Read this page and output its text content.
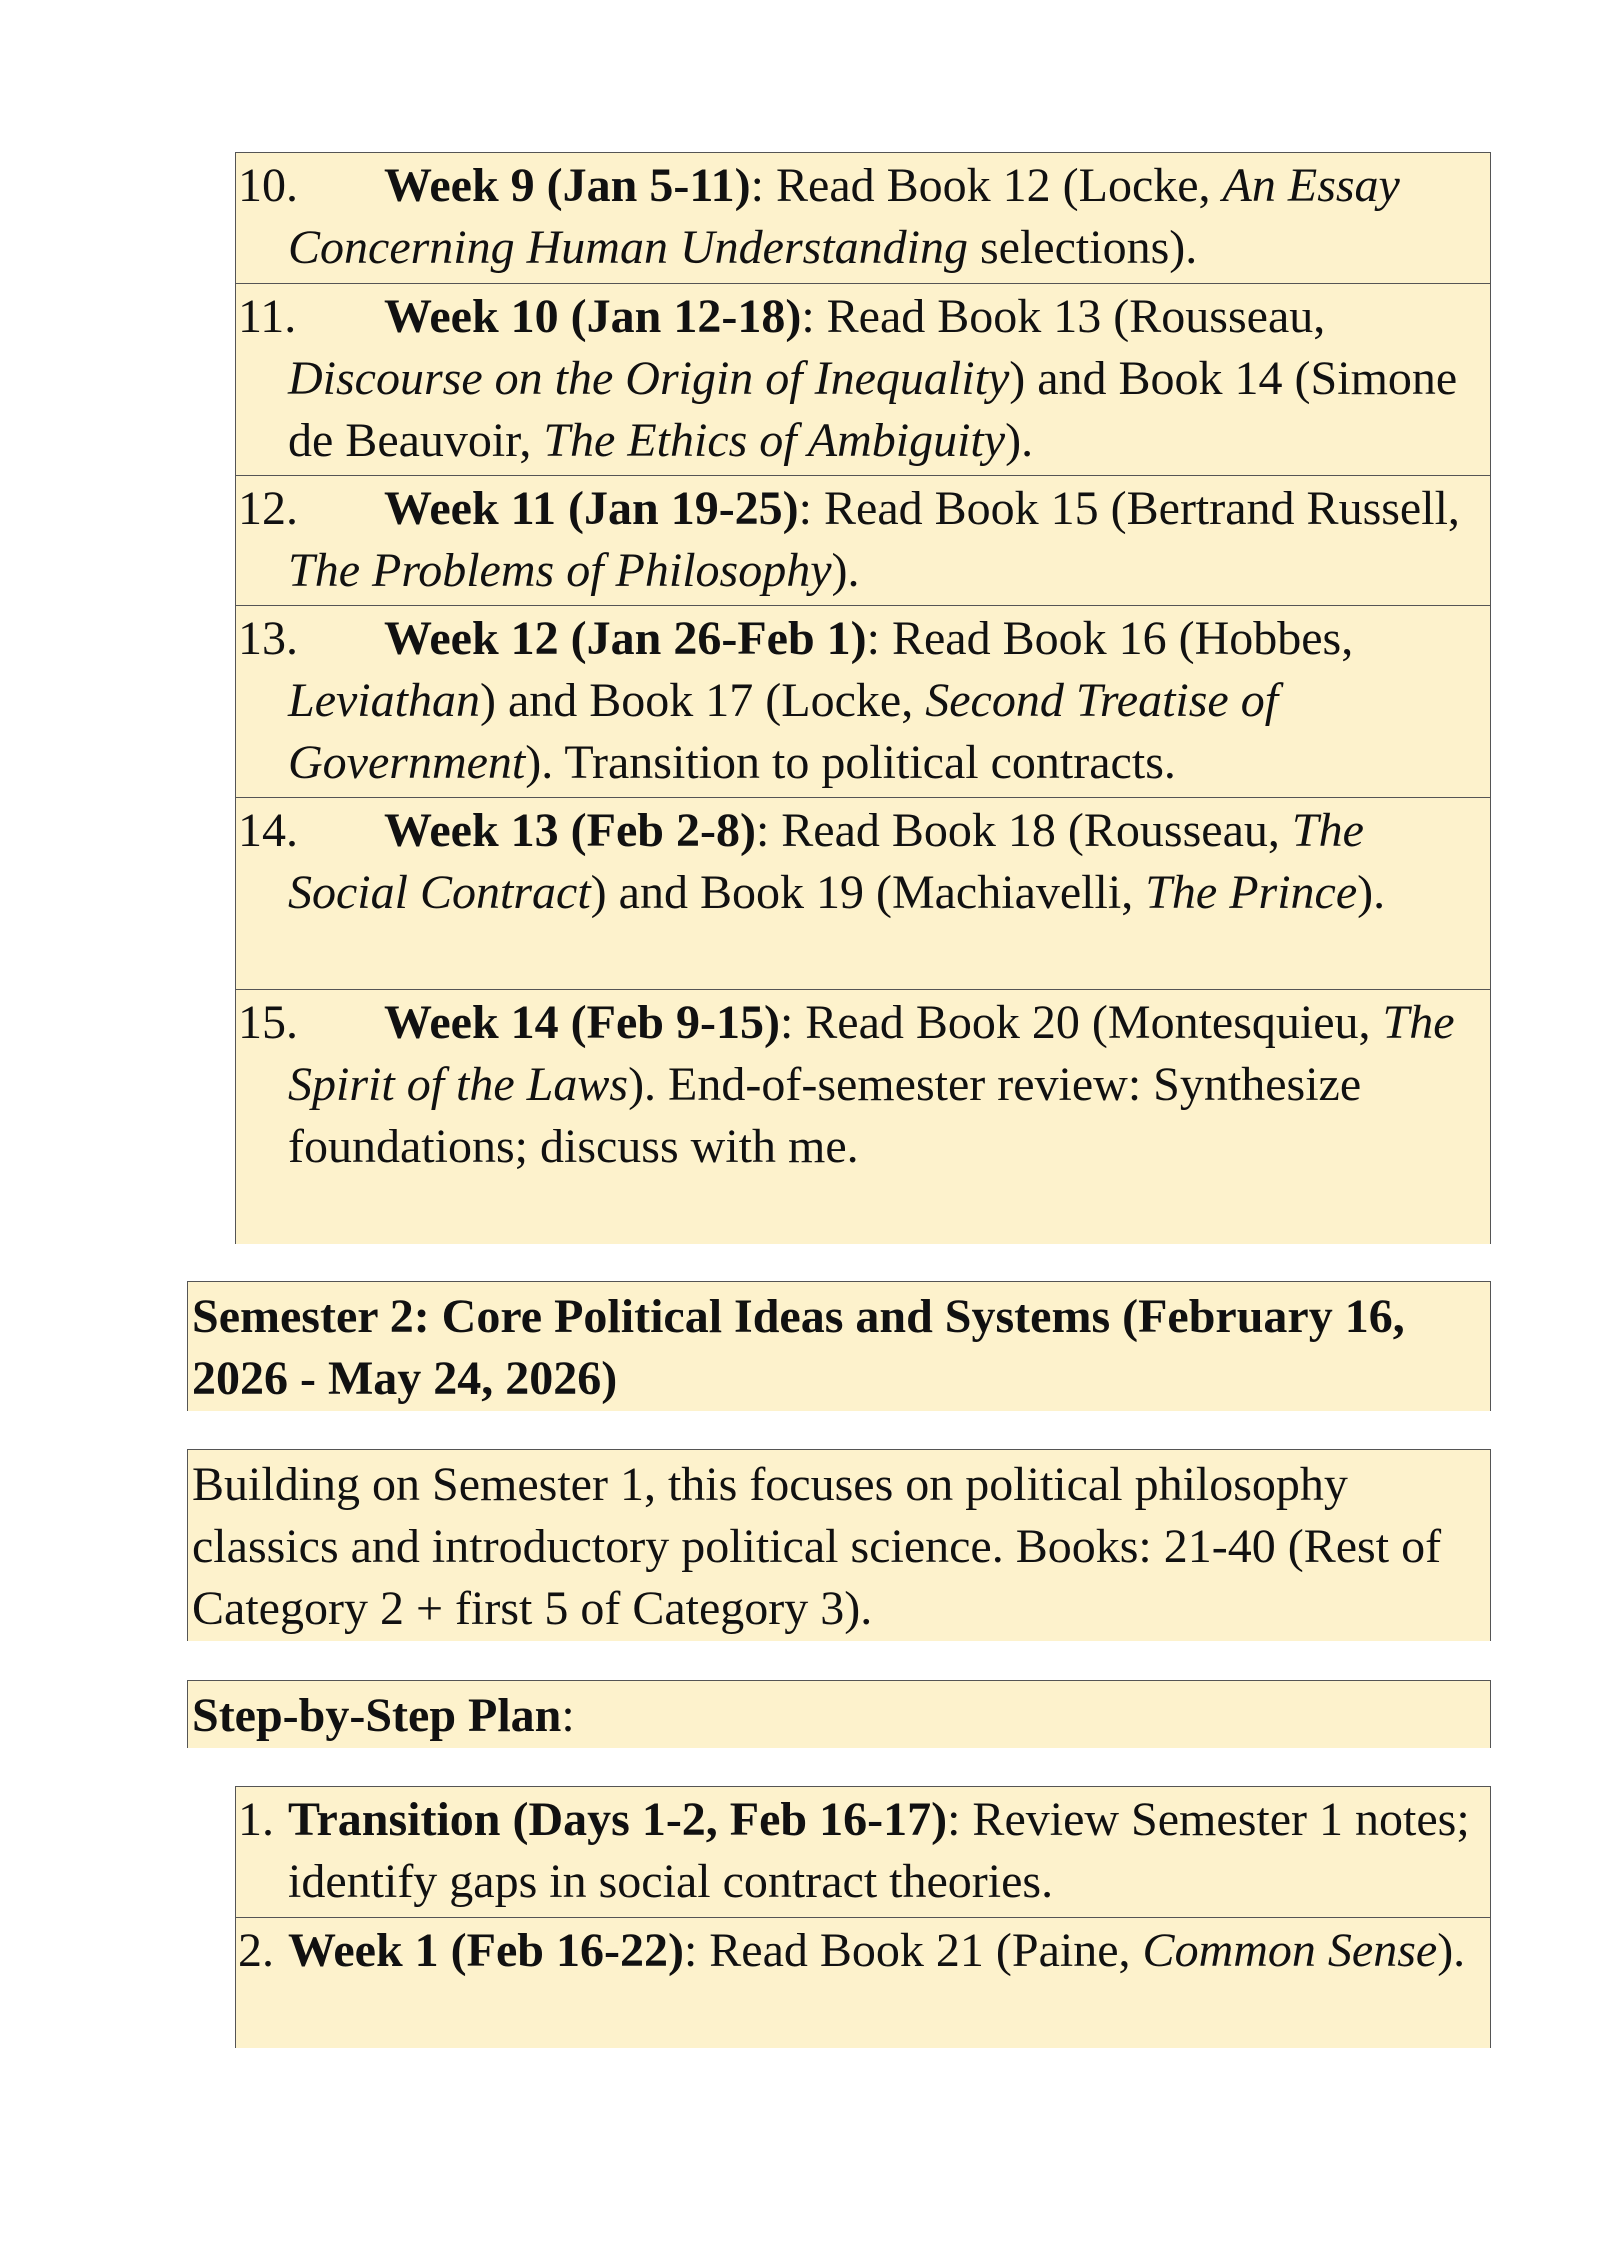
10. Week 9 (Jan 5-11): Read Book 12 (Locke, An Essay Concerning Human Understanding selections).
11. Week 10 (Jan 12-18): Read Book 13 (Rousseau, Discourse on the Origin of Inequality) and Book 14 (Simone de Beauvoir, The Ethics of Ambiguity).
12. Week 11 (Jan 19-25): Read Book 15 (Bertrand Russell, The Problems of Philosophy).
13. Week 12 (Jan 26-Feb 1): Read Book 16 (Hobbes, Leviathan) and Book 17 (Locke, Second Treatise of Government). Transition to political contracts.
14. Week 13 (Feb 2-8): Read Book 18 (Rousseau, The Social Contract) and Book 19 (Machiavelli, The Prince).
15. Week 14 (Feb 9-15): Read Book 20 (Montesquieu, The Spirit of the Laws). End-of-semester review: Synthesize foundations; discuss with me.
Semester 2: Core Political Ideas and Systems (February 16, 2026 - May 24, 2026)
Building on Semester 1, this focuses on political philosophy classics and introductory political science. Books: 21-40 (Rest of Category 2 + first 5 of Category 3).
Step-by-Step Plan:
1. Transition (Days 1-2, Feb 16-17): Review Semester 1 notes; identify gaps in social contract theories.
2. Week 1 (Feb 16-22): Read Book 21 (Paine, Common Sense).
